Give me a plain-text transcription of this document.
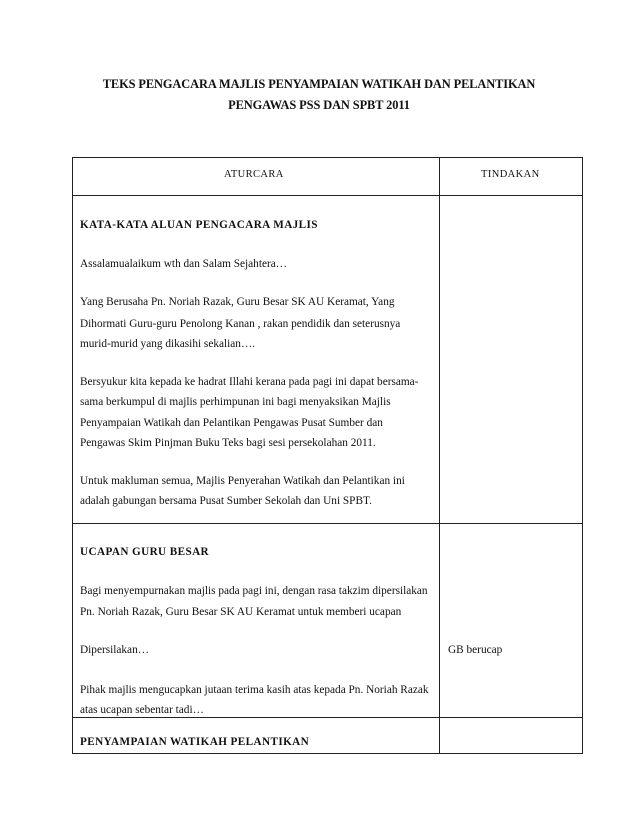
TEKS PENGACARA MAJLIS PENYAMPAIAN WATIKAH DAN PELANTIKAN
PENGAWAS PSS DAN SPBT 2011
ATURCARA	TINDAKAN
KATA-KATA ALUAN PENGACARA MAJLIS
Assalamualaikum wth dan Salam Sejahtera…
Yang Berusaha Pn. Noriah Razak, Guru Besar SK AU Keramat, Yang
Dihormati Guru-guru Penolong Kanan , rakan pendidik dan seterusnya
murid-murid yang dikasihi sekalian….
Bersyukur kita kepada ke hadrat Illahi kerana pada pagi ini dapat bersama-
sama berkumpul di majlis perhimpunan ini bagi menyaksikan Majlis
Penyampaian Watikah dan Pelantikan Pengawas Pusat Sumber dan
Pengawas Skim Pinjman Buku Teks bagi sesi persekolahan 2011.
Untuk makluman semua, Majlis Penyerahan Watikah dan Pelantikan ini
adalah gabungan bersama Pusat Sumber Sekolah dan Uni SPBT.
UCAPAN GURU BESAR
Bagi menyempurnakan majlis pada pagi ini, dengan rasa takzim dipersilakan
Pn. Noriah Razak, Guru Besar SK AU Keramat untuk memberi ucapan
Dipersilakan…	GB berucap
Pihak majlis mengucapkan jutaan terima kasih atas kepada Pn. Noriah Razak
atas ucapan sebentar tadi…
PENYAMPAIAN WATIKAH PELANTIKAN
